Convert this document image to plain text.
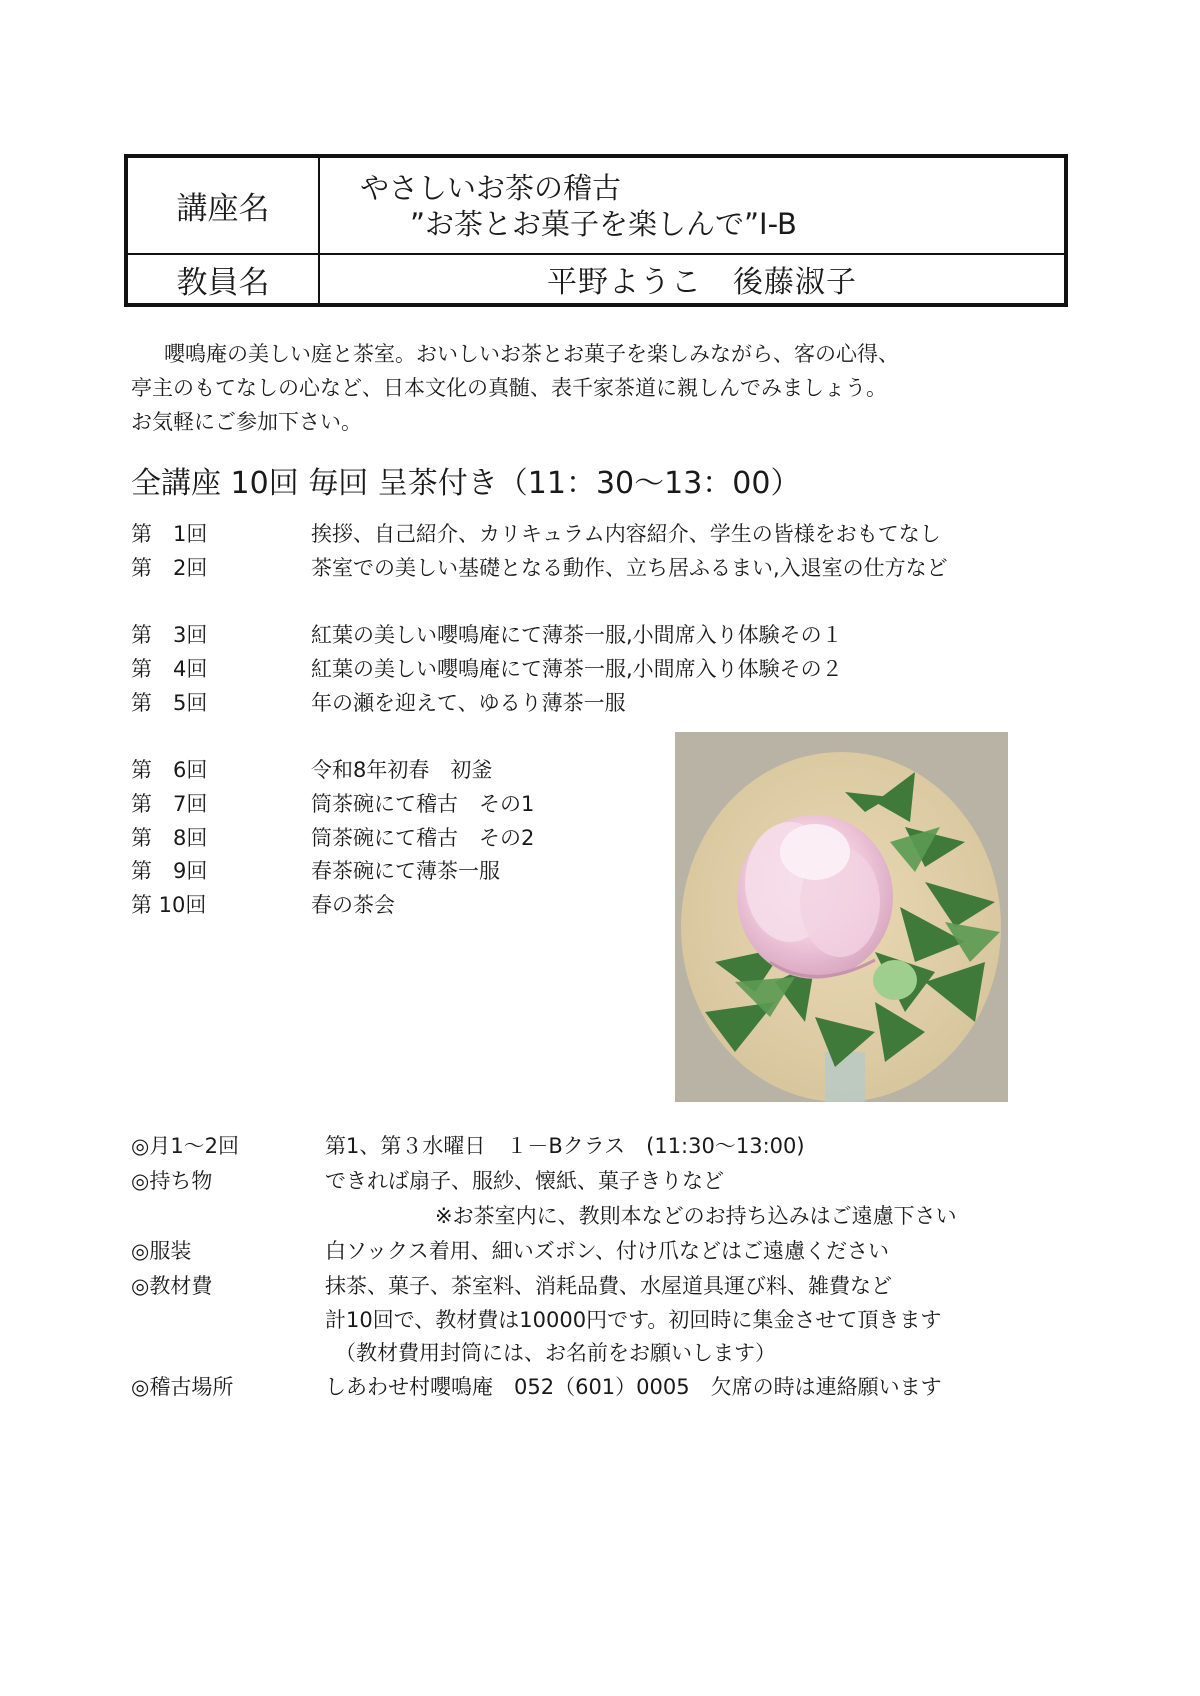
講座名
やさしいお茶の稽古
”お茶とお菓子を楽しんで”Ⅰ-B
教員名	平野ようこ　後藤淑子

嚶鳴庵の美しい庭と茶室。おいしいお茶とお菓子を楽しみながら、客の心得、

亭主のもてなしの心など、日本文化の真髄、表千家茶道に親しんでみましょう。

お気軽にご参加下さい。

全講座 10回 毎回 呈茶付き（11：30～13：00）
第　1回	挨拶、自己紹介、カリキュラム内容紹介、学生の皆様をおもてなし
第　2回	茶室での美しい基礎となる動作、立ち居ふるまい,入退室の仕方など
第　3回	紅葉の美しい嚶鳴庵にて薄茶一服,小間席入り体験その１
第　4回	紅葉の美しい嚶鳴庵にて薄茶一服,小間席入り体験その２
第　5回	年の瀬を迎えて、ゆるり薄茶一服
第　6回	令和8年初春　初釜
第　7回	筒茶碗にて稽古　その1
第　8回	筒茶碗にて稽古　その2
第　9回	春茶碗にて薄茶一服
第 10回	春の茶会
◎月1～2回	第1、第３水曜日　１－Bクラス　(11:30～13:00)
◎持ち物	できれば扇子、服紗、懐紙、菓子きりなど
※お茶室内に、教則本などのお持ち込みはご遠慮下さい
◎服装	白ソックス着用、細いズボン、付け爪などはご遠慮ください
◎教材費	抹茶、菓子、茶室料、消耗品費、水屋道具運び料、雑費など
計10回で、教材費は10000円です。初回時に集金させて頂きます
（教材費用封筒には、お名前をお願いします）
◎稽古場所	しあわせ村嚶鳴庵　052（601）0005　欠席の時は連絡願います
